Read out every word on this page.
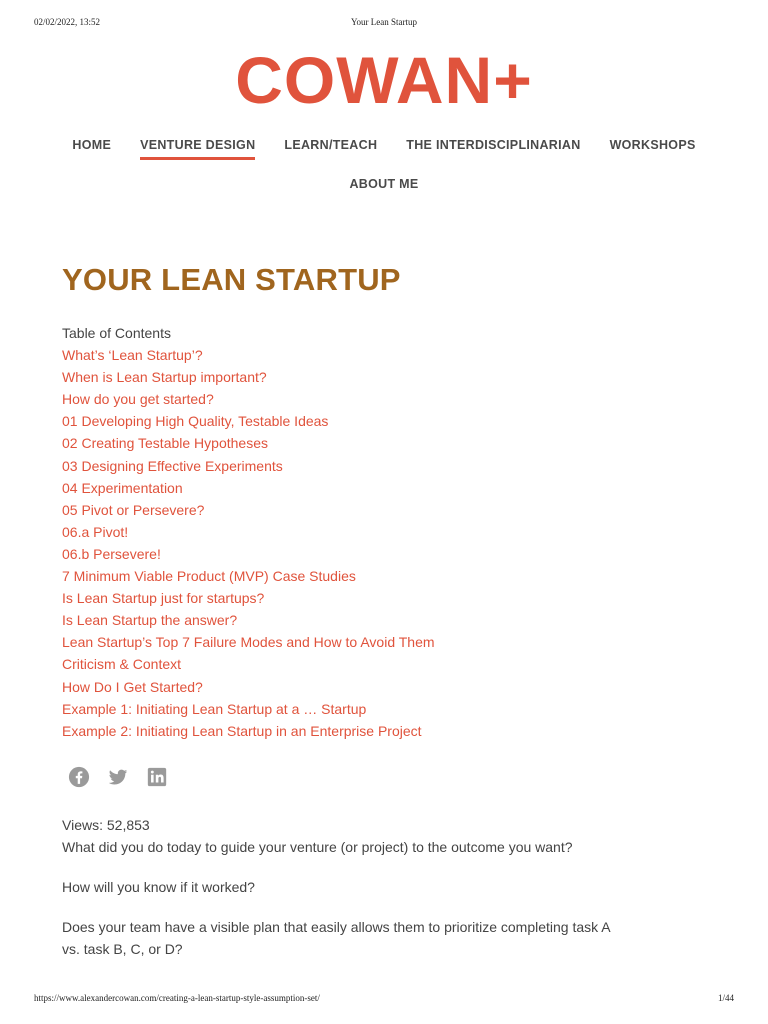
02/02/2022, 13:52	Your Lean Startup
COWAN+
HOME VENTURE DESIGN LEARN/TEACH THE INTERDISCIPLINARIAN WORKSHOPS
ABOUT ME
YOUR LEAN STARTUP
Table of Contents
What’s ‘Lean Startup’?
When is Lean Startup important?
How do you get started?
01 Developing High Quality, Testable Ideas
02 Creating Testable Hypotheses
03 Designing Effective Experiments
04 Experimentation
05 Pivot or Persevere?
06.a Pivot!
06.b Persevere!
7 Minimum Viable Product (MVP) Case Studies
Is Lean Startup just for startups?
Is Lean Startup the answer?
Lean Startup’s Top 7 Failure Modes and How to Avoid Them
Criticism & Context
How Do I Get Started?
Example 1: Initiating Lean Startup at a … Startup
Example 2: Initiating Lean Startup in an Enterprise Project

Views: 52,853

What did you do today to guide your venture (or project) to the outcome you want?

How will you know if it worked?

Does your team have a visible plan that easily allows them to prioritize completing task A vs. task B, C, or D?

https://www.alexandercowan.com/creating-a-lean-startup-style-assumption-set/	1/44
